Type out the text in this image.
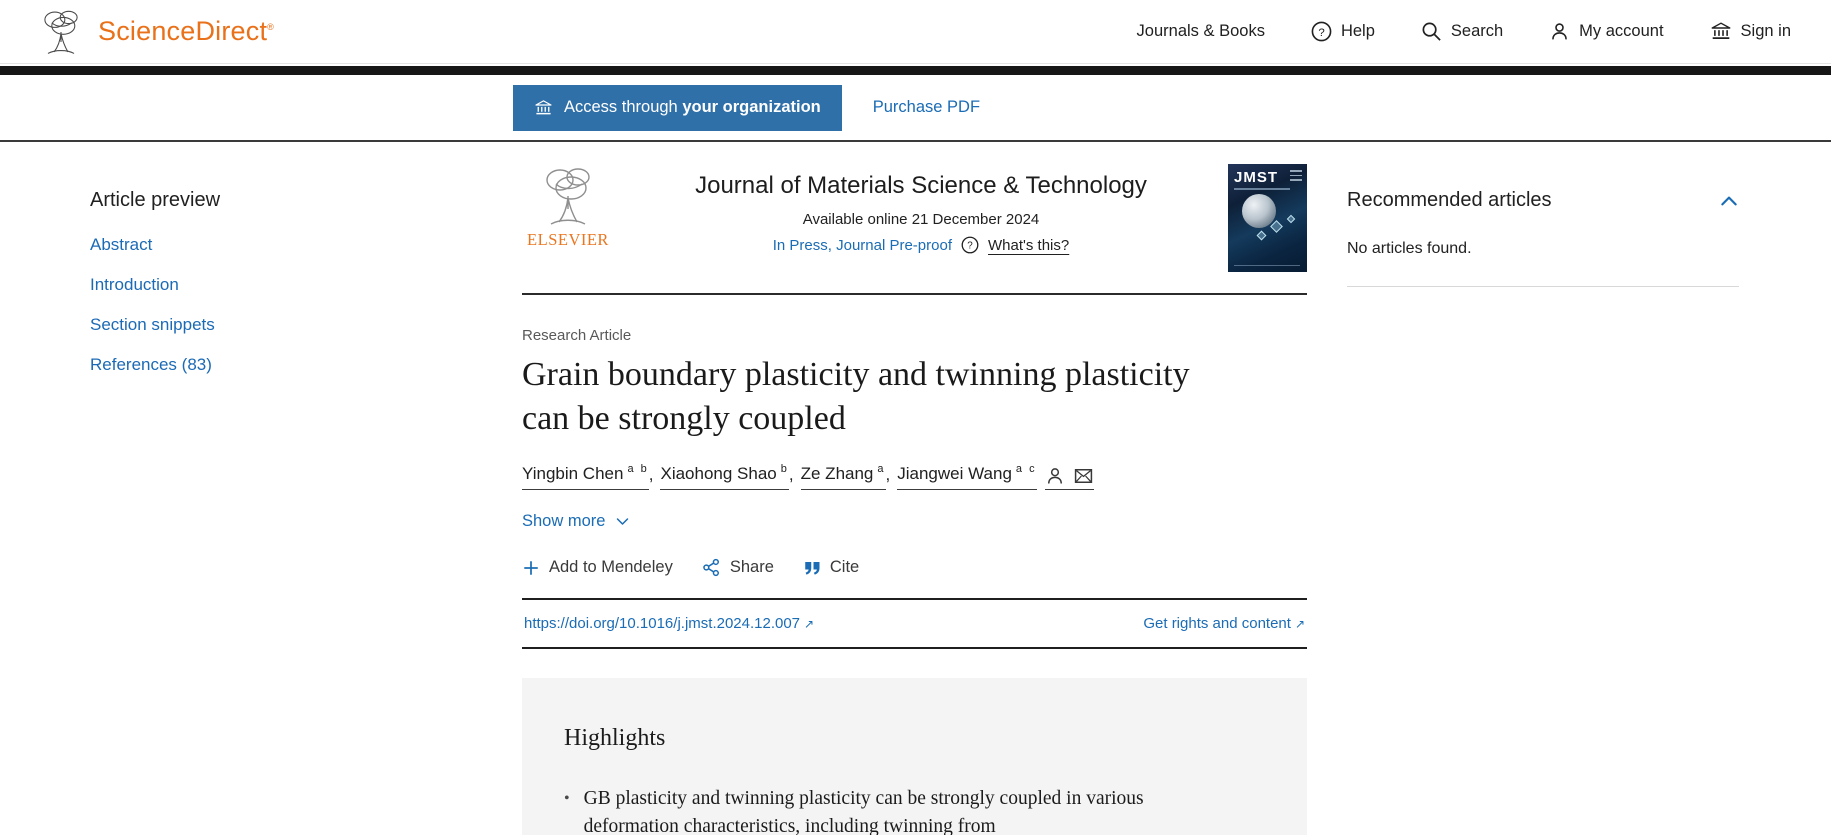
ScienceDirect®	Journals & Books	? Help	Search	My account	Sign in
Access through your organization	Purchase PDF
Article preview
Abstract
Introduction
Section snippets
References (83)
ELSEVIER
Journal of Materials Science & Technology
Available online 21 December 2024
In Press, Journal Pre-proof ? What's this?
JMST
Research Article
Grain boundary plasticity and twinning plasticity can be strongly coupled
Yingbin Chen $^{a b}$ , Xiaohong Shao $^b$ , Ze Zhang $^a$ , Jiangwei Wang $^{a c}$
Show more
Add to Mendeley	Share	Cite
https://doi.org/10.1016/j.jmst.2024.12.007 ↗	Get rights and content ↗
Highlights
• GB plasticity and twinning plasticity can be strongly coupled in various deformation characteristics, including twinning from
Recommended articles
No articles found.
